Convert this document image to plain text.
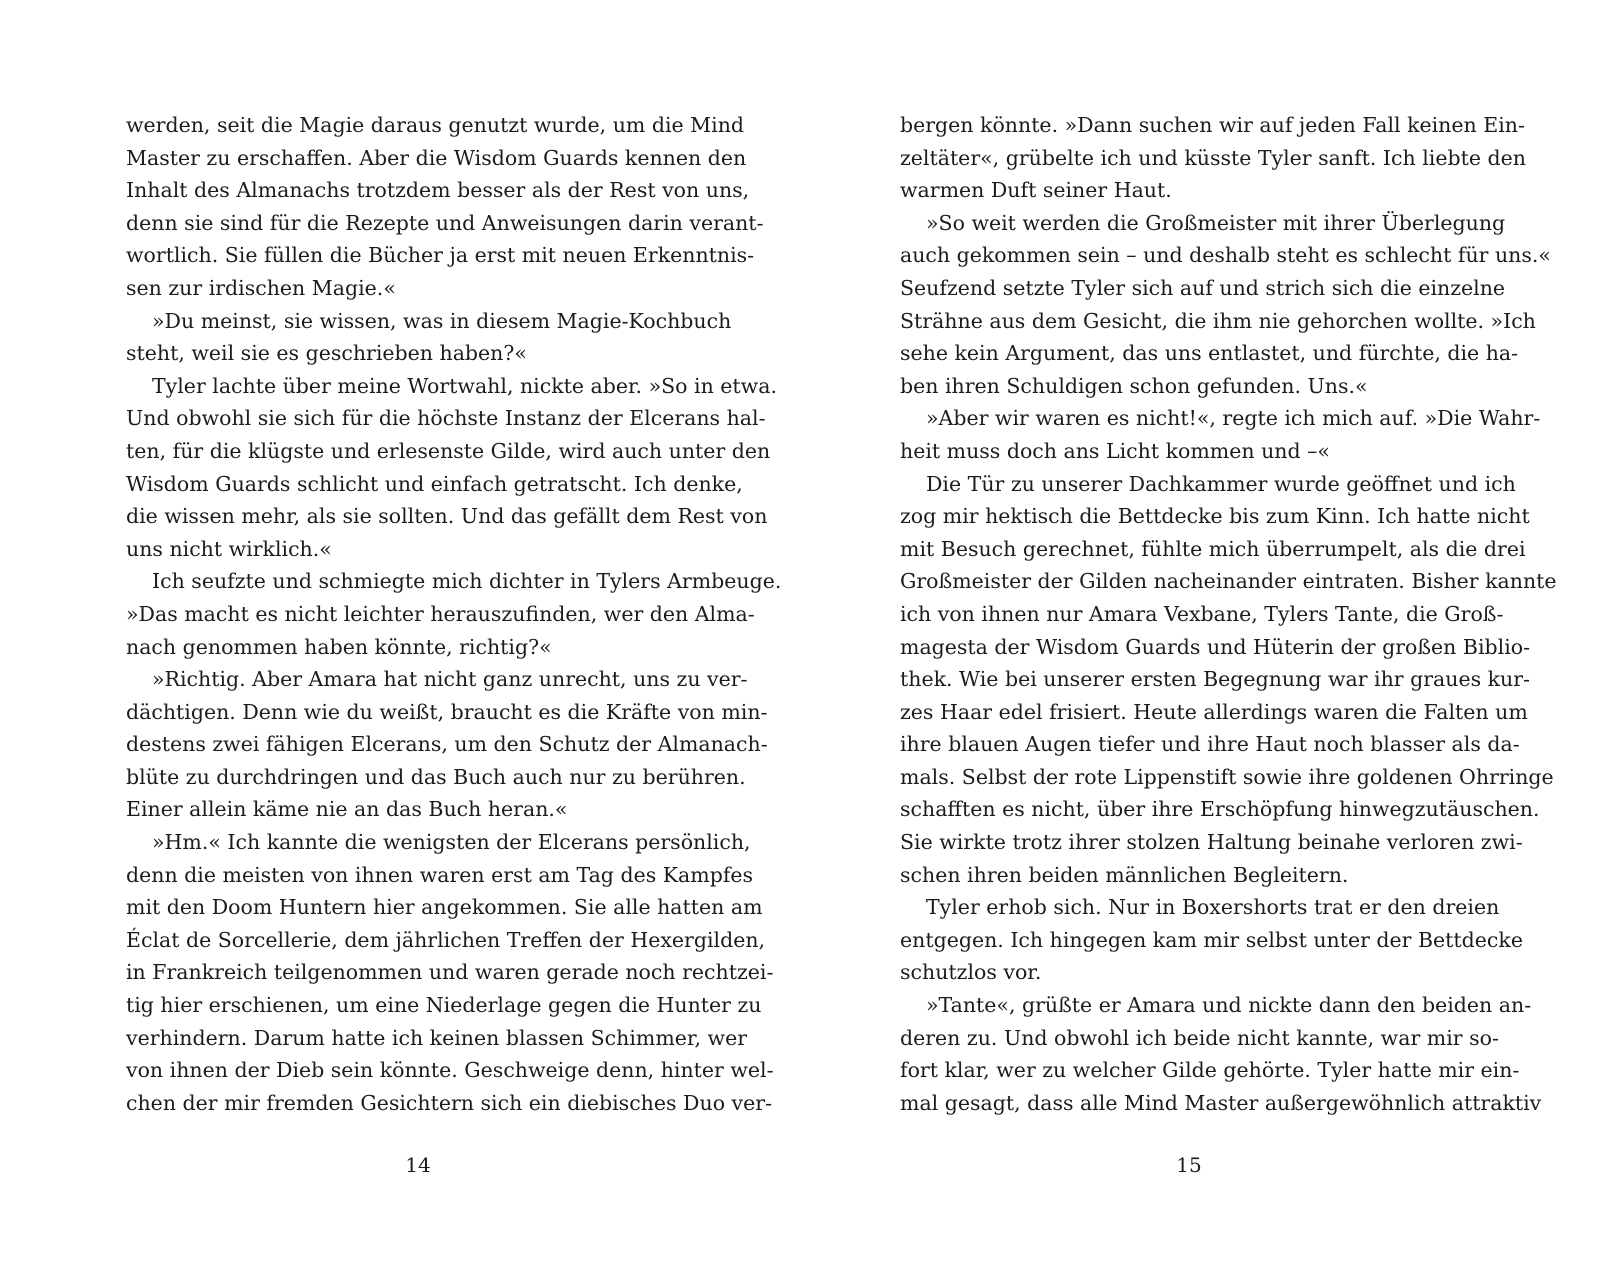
werden, seit die Magie daraus genutzt wurde, um die Mind
Master zu erschaffen. Aber die Wisdom Guards kennen den
Inhalt des Almanachs trotzdem besser als der Rest von uns,
denn sie sind für die Rezepte und Anweisungen darin verant-
wortlich. Sie füllen die Bücher ja erst mit neuen Erkenntnis-
sen zur irdischen Magie.«
»Du meinst, sie wissen, was in diesem Magie-Kochbuch
steht, weil sie es geschrieben haben?«
Tyler lachte über meine Wortwahl, nickte aber. »So in etwa.
Und obwohl sie sich für die höchste Instanz der Elcerans hal-
ten, für die klügste und erlesenste Gilde, wird auch unter den
Wisdom Guards schlicht und einfach getratscht. Ich denke,
die wissen mehr, als sie sollten. Und das gefällt dem Rest von
uns nicht wirklich.«
Ich seufzte und schmiegte mich dichter in Tylers Armbeuge.
»Das macht es nicht leichter herauszufinden, wer den Alma-
nach genommen haben könnte, richtig?«
»Richtig. Aber Amara hat nicht ganz unrecht, uns zu ver-
dächtigen. Denn wie du weißt, braucht es die Kräfte von min-
destens zwei fähigen Elcerans, um den Schutz der Almanach-
blüte zu durchdringen und das Buch auch nur zu berühren.
Einer allein käme nie an das Buch heran.«
»Hm.« Ich kannte die wenigsten der Elcerans persönlich,
denn die meisten von ihnen waren erst am Tag des Kampfes
mit den Doom Huntern hier angekommen. Sie alle hatten am
Éclat de Sorcellerie, dem jährlichen Treffen der Hexergilden,
in Frankreich teilgenommen und waren gerade noch rechtzei-
tig hier erschienen, um eine Niederlage gegen die Hunter zu
verhindern. Darum hatte ich keinen blassen Schimmer, wer
von ihnen der Dieb sein könnte. Geschweige denn, hinter wel-
chen der mir fremden Gesichtern sich ein diebisches Duo ver-
14
bergen könnte. »Dann suchen wir auf jeden Fall keinen Ein-
zeltäter«, grübelte ich und küsste Tyler sanft. Ich liebte den
warmen Duft seiner Haut.
»So weit werden die Großmeister mit ihrer Überlegung
auch gekommen sein – und deshalb steht es schlecht für uns.«
Seufzend setzte Tyler sich auf und strich sich die einzelne
Strähne aus dem Gesicht, die ihm nie gehorchen wollte. »Ich
sehe kein Argument, das uns entlastet, und fürchte, die ha-
ben ihren Schuldigen schon gefunden. Uns.«
»Aber wir waren es nicht!«, regte ich mich auf. »Die Wahr-
heit muss doch ans Licht kommen und –«
Die Tür zu unserer Dachkammer wurde geöffnet und ich
zog mir hektisch die Bettdecke bis zum Kinn. Ich hatte nicht
mit Besuch gerechnet, fühlte mich überrumpelt, als die drei
Großmeister der Gilden nacheinander eintraten. Bisher kannte
ich von ihnen nur Amara Vexbane, Tylers Tante, die Groß-
magesta der Wisdom Guards und Hüterin der großen Biblio-
thek. Wie bei unserer ersten Begegnung war ihr graues kur-
zes Haar edel frisiert. Heute allerdings waren die Falten um
ihre blauen Augen tiefer und ihre Haut noch blasser als da-
mals. Selbst der rote Lippenstift sowie ihre goldenen Ohrringe
schafften es nicht, über ihre Erschöpfung hinwegzutäuschen.
Sie wirkte trotz ihrer stolzen Haltung beinahe verloren zwi-
schen ihren beiden männlichen Begleitern.
Tyler erhob sich. Nur in Boxershorts trat er den dreien
entgegen. Ich hingegen kam mir selbst unter der Bettdecke
schutzlos vor.
»Tante«, grüßte er Amara und nickte dann den beiden an-
deren zu. Und obwohl ich beide nicht kannte, war mir so-
fort klar, wer zu welcher Gilde gehörte. Tyler hatte mir ein-
mal gesagt, dass alle Mind Master außergewöhnlich attraktiv
15
